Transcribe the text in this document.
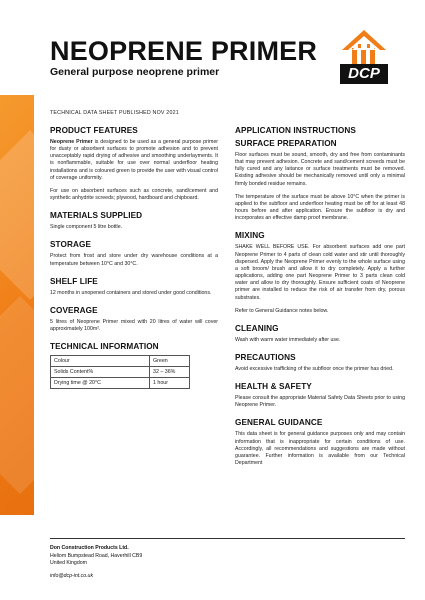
NEOPRENE PRIMER
General purpose neoprene primer	DCP
TECHNICAL DATA SHEET PUBLISHED NOV 2021
PRODUCT FEATURES

Neoprene Primer is designed to be used as a general purpose primer for dusty or absorbent surfaces to promote adhesion and to prevent unacceptably rapid drying of adhesive and smoothing underlayments. It is nonflammable, suitable for use over normal underfloor heating installations and is coloured green to provide the user with visual control of coverage uniformity.

For use on absorbent surfaces such as concrete, sand/cement and synthetic anhydrite screeds; plywood, hardboard and chipboard.

MATERIALS SUPPLIED

Single component 5 litre bottle.

STORAGE

Protect from frost and store under dry warehouse conditions at a temperature between 10°C and 30°C.

SHELF LIFE

12 months in unopened containers and stored under good conditions.

COVERAGE

5 litres of Neoprene Primer mixed with 20 litres of water will cover approximately 100m².

TECHNICAL INFORMATION
Colour	Green
Solids Content%	32 – 36%
Drying time @ 20°C	1 hour
APPLICATION INSTRUCTIONS
SURFACE PREPARATION

Floor surfaces must be sound, smooth, dry and free from contaminants that may prevent adhesion. Concrete and sand/cement screeds must be fully cured and any laitance or surface treatments must be removed. Existing adhesive should be mechanically removed until only a minimal firmly bonded residue remains.

The temperature of the surface must be above 10°C when the primer is applied to the subfloor and underfloor heating must be off for at least 48 hours before and after application. Ensure the subfloor is dry and incorporates an effective damp proof membrane.

MIXING

SHAKE WELL BEFORE USE. For absorbent surfaces add one part Neoprene Primer to 4 parts of clean cold water and stir until thoroughly dispersed. Apply the Neoprene Primer evenly to the whole surface using a soft broom/ brush and allow it to dry completely. Apply a further applications, adding one part Neoprene Primer to 3 parts clean cold water and allow to dry thoroughly. Ensure sufficient coats of Neoprene primer are installed to reduce the risk of air transfer from dry, porous substrates.

Refer to General Guidance notes below.

CLEANING

Wash with warm water immediately after use.

PRECAUTIONS

Avoid excessive trafficking of the subfloor once the primer has dried.

HEALTH & SAFETY

Please consult the appropriate Material Safety Data Sheets prior to using Neoprene Primer.

GENERAL GUIDANCE

This data sheet is for general guidance purposes only and may contain information that is inappropriate for certain conditions of use. Accordingly, all recommendations and suggestions are made without guarantee. Further information is available from our Technical Department

Don Construction Products Ltd.
Heliom Bumpstead Road, Haverhill CB9
United Kingdom
info@dcp-int.co.uk
